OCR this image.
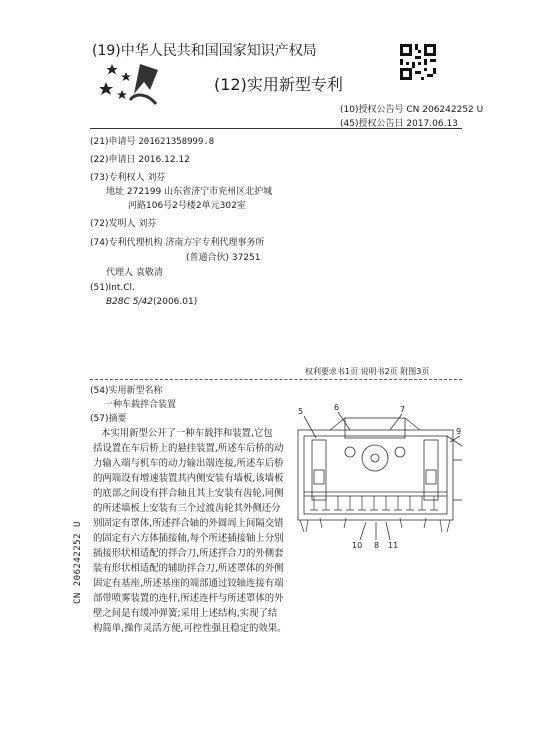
(19)中华人民共和国国家知识产权局
(12)实用新型专利
(10)授权公告号 CN 206242252 U
(45)授权公告日 2017.06.13
(21)申请号 201621358999.8
(22)申请日 2016.12.12
(73)专利权人 刘芬
地址 272199 山东省济宁市兖州区北护城
河路106号2号楼2单元302室
(72)发明人 刘芬
(74)专利代理机构 济南方宇专利代理事务所
(普通合伙) 37251
代理人 袁敬清
(51)Int.Cl.
B28C 5/42(2006.01)
权利要求书1页 说明书2页 附图3页
(54)实用新型名称
一种车载拌合装置
(57)摘要
本实用新型公开了一种车载拌和装置,它包
括设置在车后桥上的悬挂装置,所述车后桥的动
力输入端与机车的动力输出端连接,所述车后桥
的两端设有增速装置其内侧安装有墙板,该墙板
的底部之间设有拌合轴且其上安装有齿轮,同侧
的所述墙板上安装有三个过渡齿轮其外侧还分
别固定有罩体,所述拌合轴的外圆周上间隔交错
的固定有六方体插接轴,每个所述插接轴上分别
插接形状相适配的拌合刀,所述拌合刀的外侧套
装有形状相适配的辅助拌合刀,所述罩体的外侧
固定有基座,所述基座的端部通过铰轴连接有端
部带喷雾装置的连杆,所述连杆与所述罩体的外
壁之间是有缓冲弹簧;采用上述结构,实现了结
构简单,操作灵活方便,可控性强且稳定的效果。
5	6	7
9
10 8 11
CN 206242252 U
